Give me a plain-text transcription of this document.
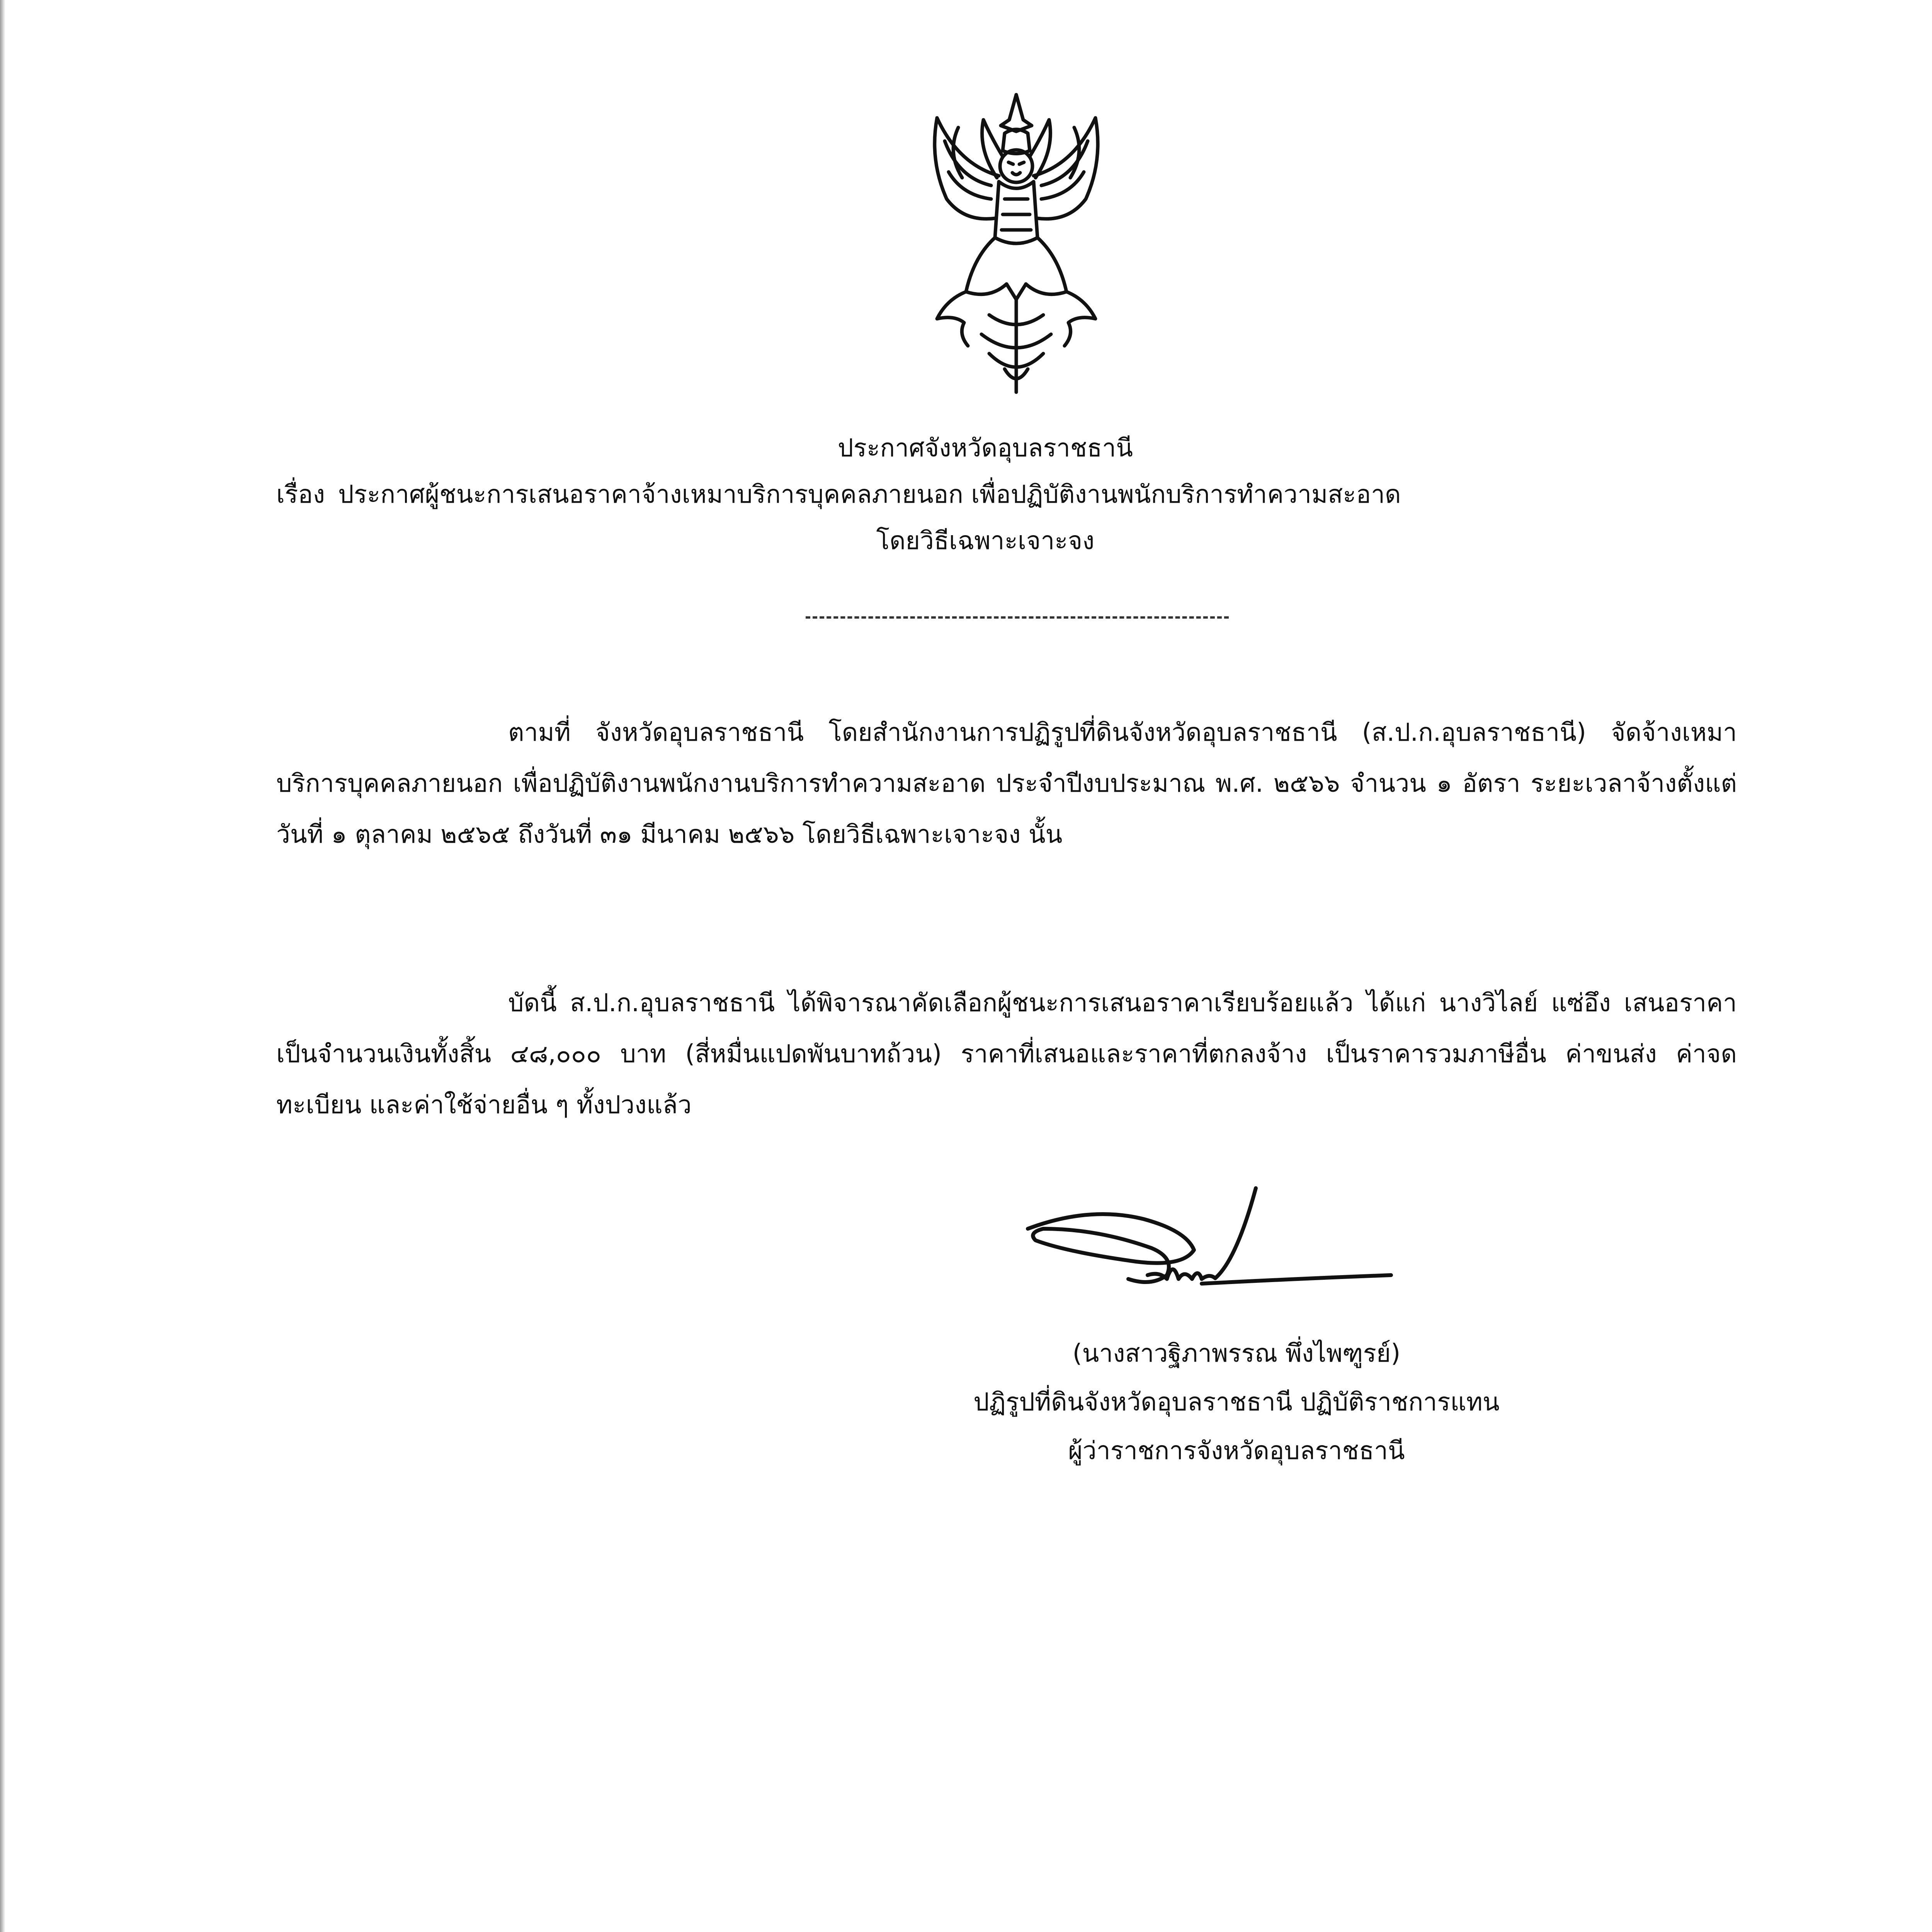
ประกาศจังหวัดอุบลราชธานี
เรื่อง ประกาศผู้ชนะการเสนอราคาจ้างเหมาบริการบุคคลภายนอก เพื่อปฏิบัติงานพนักบริการทำความสะอาด
โดยวิธีเฉพาะเจาะจง
ตามที่ จังหวัดอุบลราชธานี โดยสำนักงานการปฏิรูปที่ดินจังหวัดอุบลราชธานี (ส.ป.ก.อุบลราชธานี) จัดจ้างเหมาบริการบุคคลภายนอก เพื่อปฏิบัติงานพนักงานบริการทำความสะอาด ประจำปีงบประมาณ พ.ศ. ๒๕๖๖ จำนวน ๑ อัตรา ระยะเวลาจ้างตั้งแต่วันที่ ๑ ตุลาคม ๒๕๖๕ ถึงวันที่ ๓๑ มีนาคม ๒๕๖๖ โดยวิธีเฉพาะเจาะจง นั้น
บัดนี้ ส.ป.ก.อุบลราชธานี ได้พิจารณาคัดเลือกผู้ชนะการเสนอราคาเรียบร้อยแล้ว ได้แก่ นางวิไลย์ แซ่อึง เสนอราคาเป็นจำนวนเงินทั้งสิ้น ๔๘,๐๐๐ บาท (สี่หมื่นแปดพันบาทถ้วน) ราคาที่เสนอและราคาที่ตกลงจ้าง เป็นราคารวมภาษีอื่น ค่าขนส่ง ค่าจดทะเบียน และค่าใช้จ่ายอื่น ๆ ทั้งปวงแล้ว
(นางสาวฐิภาพรรณ พึ่งไพฑูรย์)
ปฏิรูปที่ดินจังหวัดอุบลราชธานี ปฏิบัติราชการแทน
ผู้ว่าราชการจังหวัดอุบลราชธานี
